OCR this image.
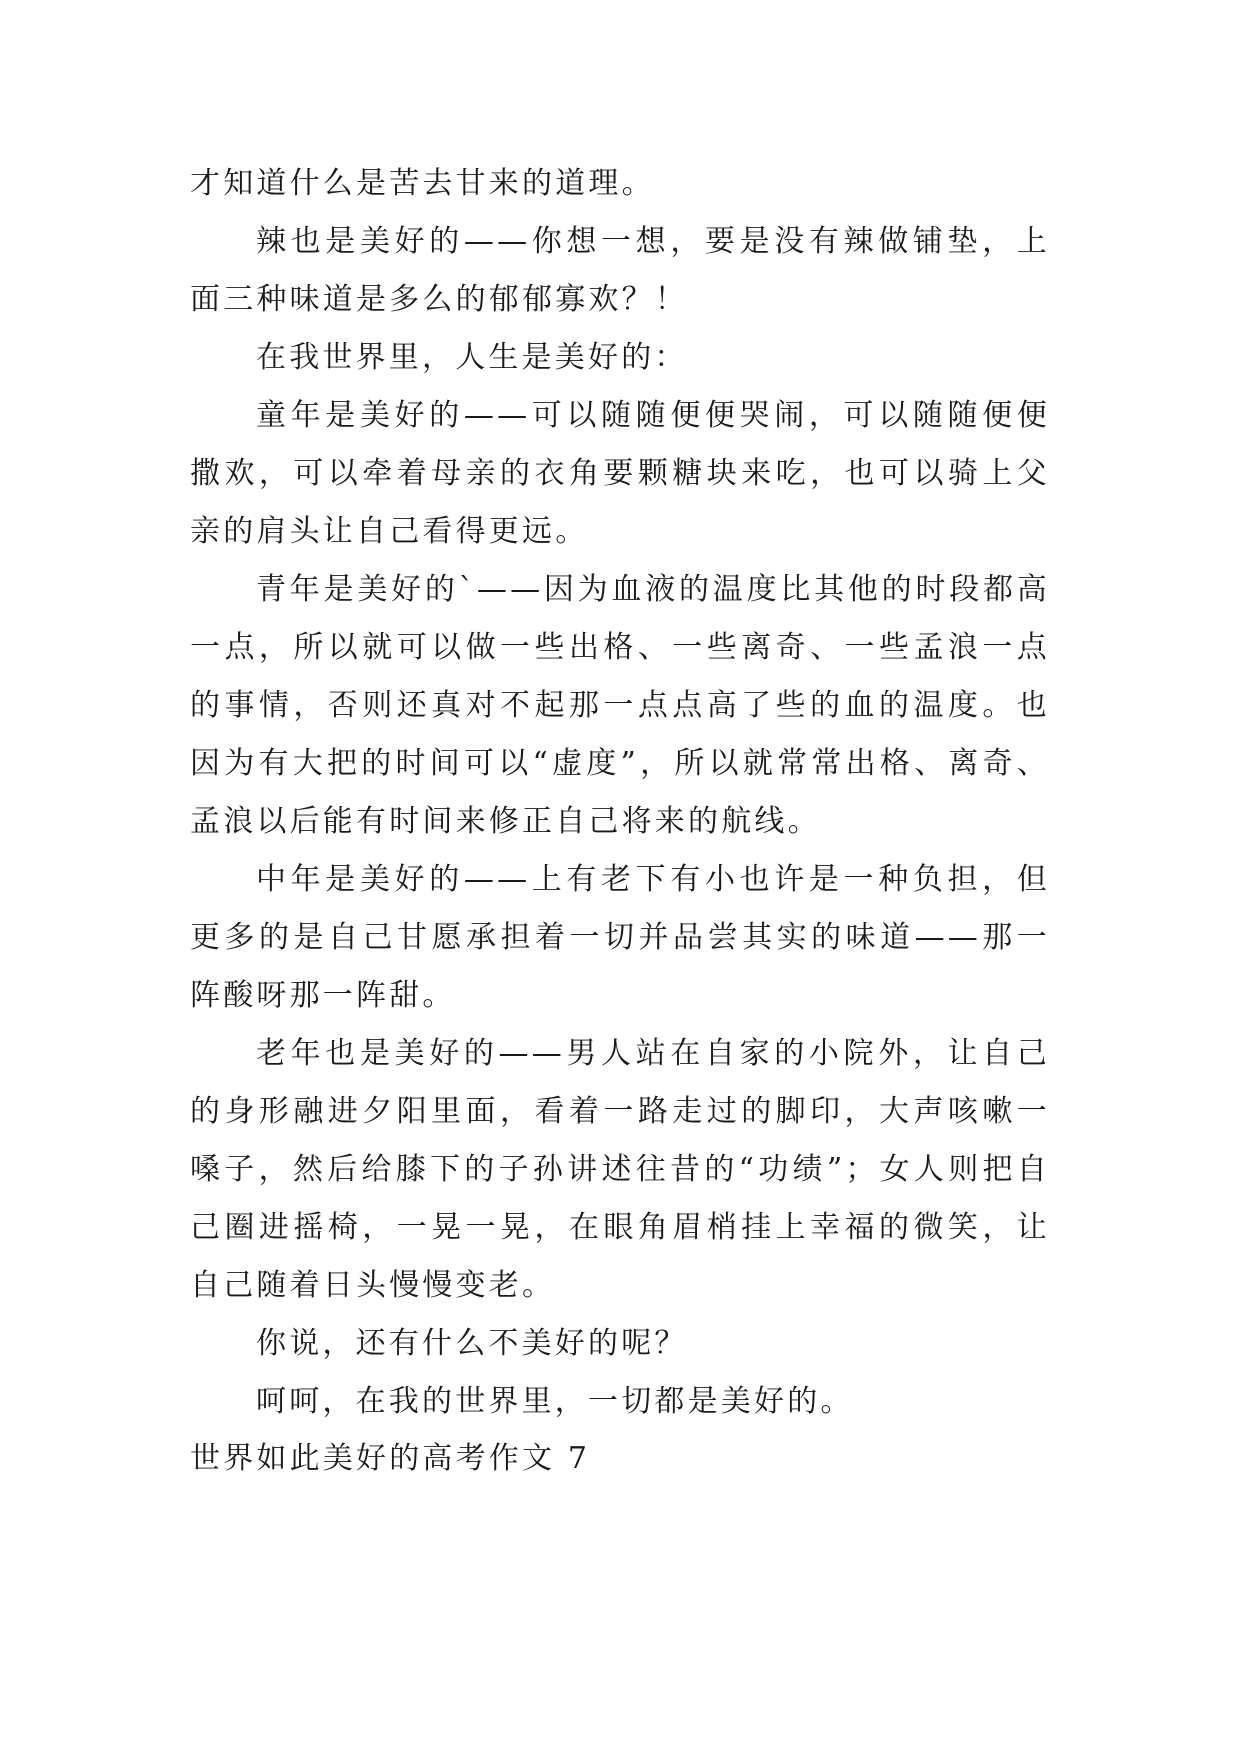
才知道什么是苦去甘来的道理。

辣也是美好的——你想一想，要是没有辣做铺垫，上面三种味道是多么的郁郁寡欢？！

在我世界里，人生是美好的：

童年是美好的——可以随随便便哭闹，可以随随便便撒欢，可以牵着母亲的衣角要颗糖块来吃，也可以骑上父亲的肩头让自己看得更远。

青年是美好的`——因为血液的温度比其他的时段都高一点，所以就可以做一些出格、一些离奇、一些孟浪一点的事情，否则还真对不起那一点点高了些的血的温度。也因为有大把的时间可以“虚度”，所以就常常出格、离奇、孟浪以后能有时间来修正自己将来的航线。

中年是美好的——上有老下有小也许是一种负担，但更多的是自己甘愿承担着一切并品尝其实的味道——那一阵酸呀那一阵甜。

老年也是美好的——男人站在自家的小院外，让自己的身形融进夕阳里面，看着一路走过的脚印，大声咳嗽一嗓子，然后给膝下的子孙讲述往昔的“功绩”；女人则把自己圈进摇椅，一晃一晃，在眼角眉梢挂上幸福的微笑，让自己随着日头慢慢变老。

你说，还有什么不美好的呢？

呵呵，在我的世界里，一切都是美好的。

世界如此美好的高考作文 7
